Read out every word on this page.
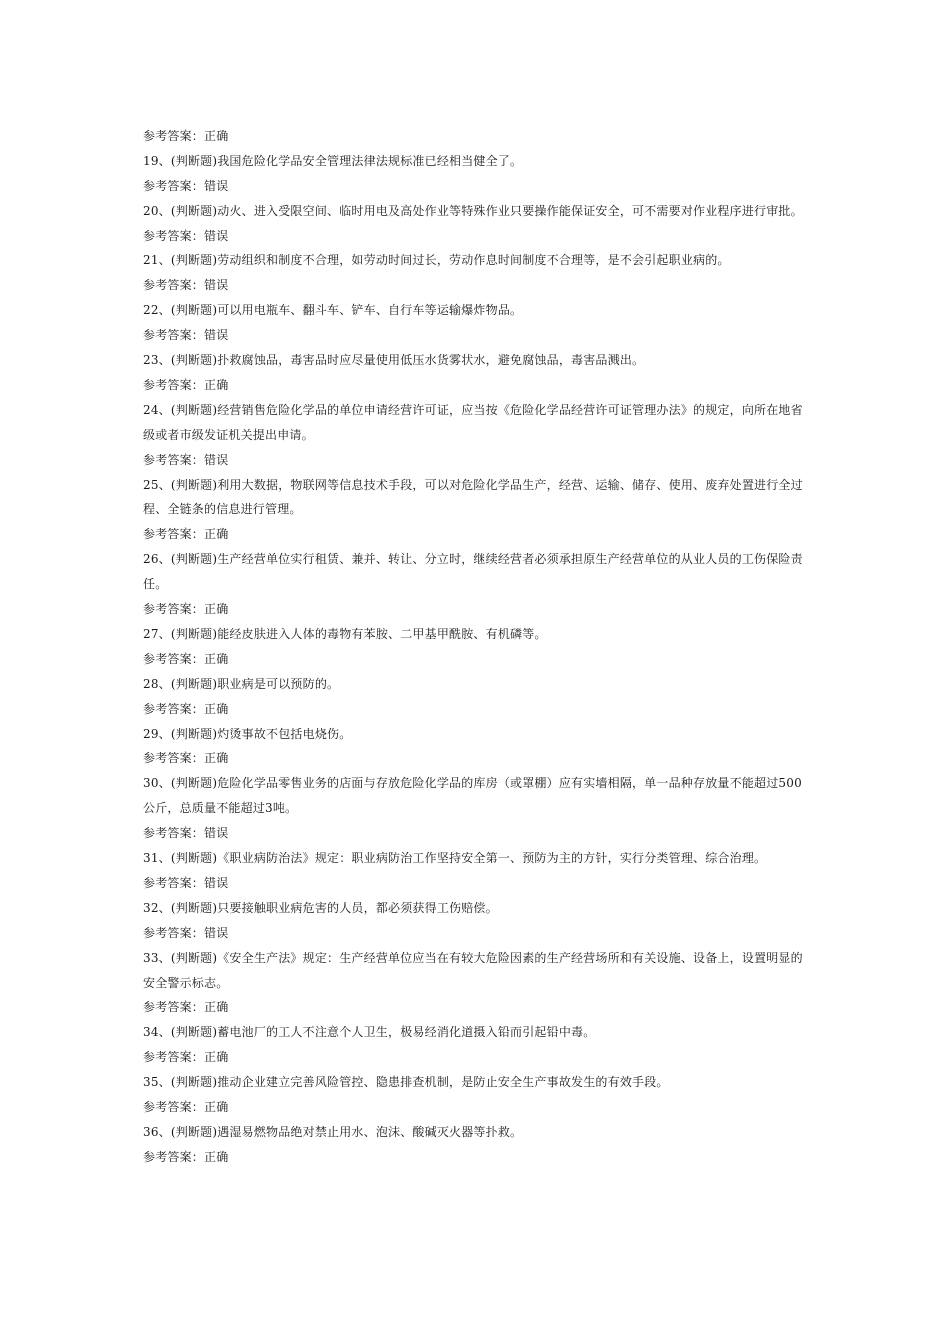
参考答案：正确
19、(判断题)我国危险化学品安全管理法律法规标准已经相当健全了。
参考答案：错误
20、(判断题)动火、进入受限空间、临时用电及高处作业等特殊作业只要操作能保证安全，可不需要对作业程序进行审批。
参考答案：错误
21、(判断题)劳动组织和制度不合理，如劳动时间过长，劳动作息时间制度不合理等，是不会引起职业病的。
参考答案：错误
22、(判断题)可以用电瓶车、翻斗车、铲车、自行车等运输爆炸物品。
参考答案：错误
23、(判断题)扑救腐蚀品，毒害品时应尽量使用低压水货雾状水，避免腐蚀品，毒害品溅出。
参考答案：正确
24、(判断题)经营销售危险化学品的单位申请经营许可证，应当按《危险化学品经营许可证管理办法》的规定，向所在地省级或者市级发证机关提出申请。
参考答案：错误
25、(判断题)利用大数据，物联网等信息技术手段，可以对危险化学品生产，经营、运输、储存、使用、废弃处置进行全过程、全链条的信息进行管理。
参考答案：正确
26、(判断题)生产经营单位实行租赁、兼并、转让、分立时，继续经营者必须承担原生产经营单位的从业人员的工伤保险责任。
参考答案：正确
27、(判断题)能经皮肤进入人体的毒物有苯胺、二甲基甲酰胺、有机磷等。
参考答案：正确
28、(判断题)职业病是可以预防的。
参考答案：正确
29、(判断题)灼烫事故不包括电烧伤。
参考答案：正确
30、(判断题)危险化学品零售业务的店面与存放危险化学品的库房（或罩棚）应有实墙相隔，单一品种存放量不能超过500公斤，总质量不能超过3吨。
参考答案：错误
31、(判断题)《职业病防治法》规定：职业病防治工作坚持安全第一、预防为主的方针，实行分类管理、综合治理。
参考答案：错误
32、(判断题)只要接触职业病危害的人员，都必须获得工伤赔偿。
参考答案：错误
33、(判断题)《安全生产法》规定：生产经营单位应当在有较大危险因素的生产经营场所和有关设施、设备上，设置明显的安全警示标志。
参考答案：正确
34、(判断题)蓄电池厂的工人不注意个人卫生，极易经消化道摄入铅而引起铅中毒。
参考答案：正确
35、(判断题)推动企业建立完善风险管控、隐患排查机制，是防止安全生产事故发生的有效手段。
参考答案：正确
36、(判断题)遇湿易燃物品绝对禁止用水、泡沫、酸碱灭火器等扑救。
参考答案：正确
